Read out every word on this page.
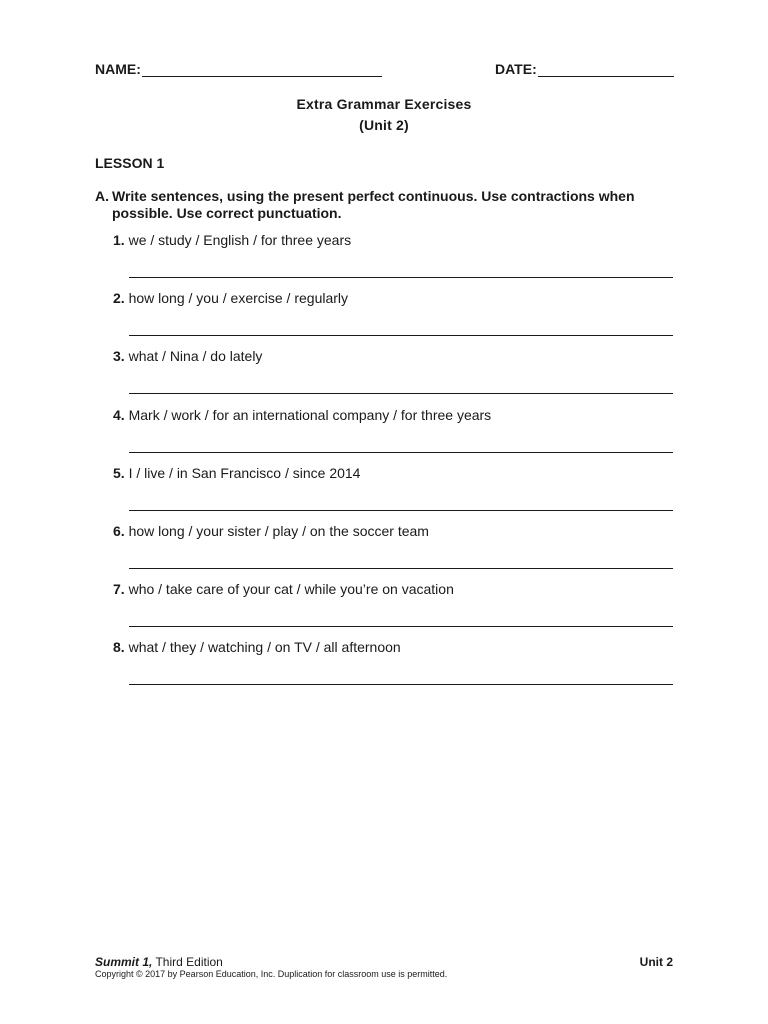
NAME:	DATE:
Extra Grammar Exercises
(Unit 2)
LESSON 1
A. Write sentences, using the present perfect continuous. Use contractions when possible. Use correct punctuation.
1. we / study / English / for three years
2. how long / you / exercise / regularly
3. what / Nina / do lately
4. Mark / work / for an international company / for three years
5. I / live / in San Francisco / since 2014
6. how long / your sister / play / on the soccer team
7. who / take care of your cat / while you’re on vacation
8. what / they / watching / on TV / all afternoon
Summit 1, Third Edition	Unit 2
Copyright © 2017 by Pearson Education, Inc. Duplication for classroom use is permitted.
